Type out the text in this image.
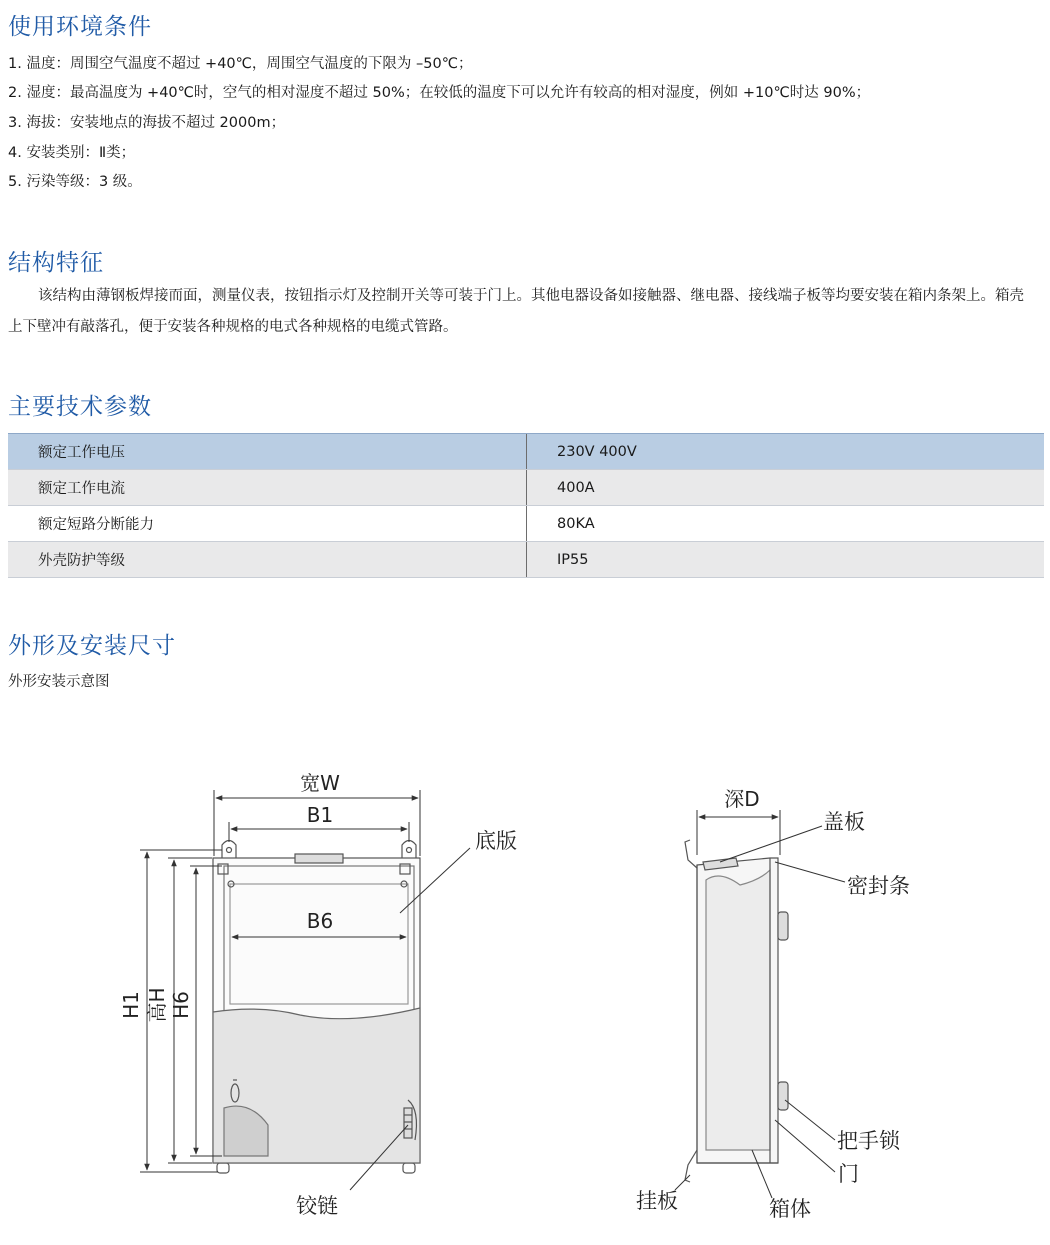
使用环境条件
1. 温度：周围空气温度不超过 +40℃，周围空气温度的下限为 –50℃；
2. 湿度：最高温度为 +40℃时，空气的相对湿度不超过 50%；在较低的温度下可以允许有较高的相对湿度，例如 +10℃时达 90%；
3. 海拔：安装地点的海拔不超过 2000m；
4. 安装类别：Ⅱ类；
5. 污染等级：3 级。
结构特征

该结构由薄钢板焊接而面，测量仪表，按钮指示灯及控制开关等可装于门上。其他电器设备如接触器、继电器、接线端子板等均要安装在箱内条架上。箱壳上下壁冲有敲落孔，便于安装各种规格的电式各种规格的电缆式管路。

主要技术参数
额定工作电压	230V 400V
额定工作电流	400A
额定短路分断能力	80KA
外壳防护等级	IP55
外形及安装尺寸
外形安装示意图
宽W
B1
B6
H1 高H H6
底版
铰链
深D
盖板
密封条
把手锁
门
挂板	箱体
